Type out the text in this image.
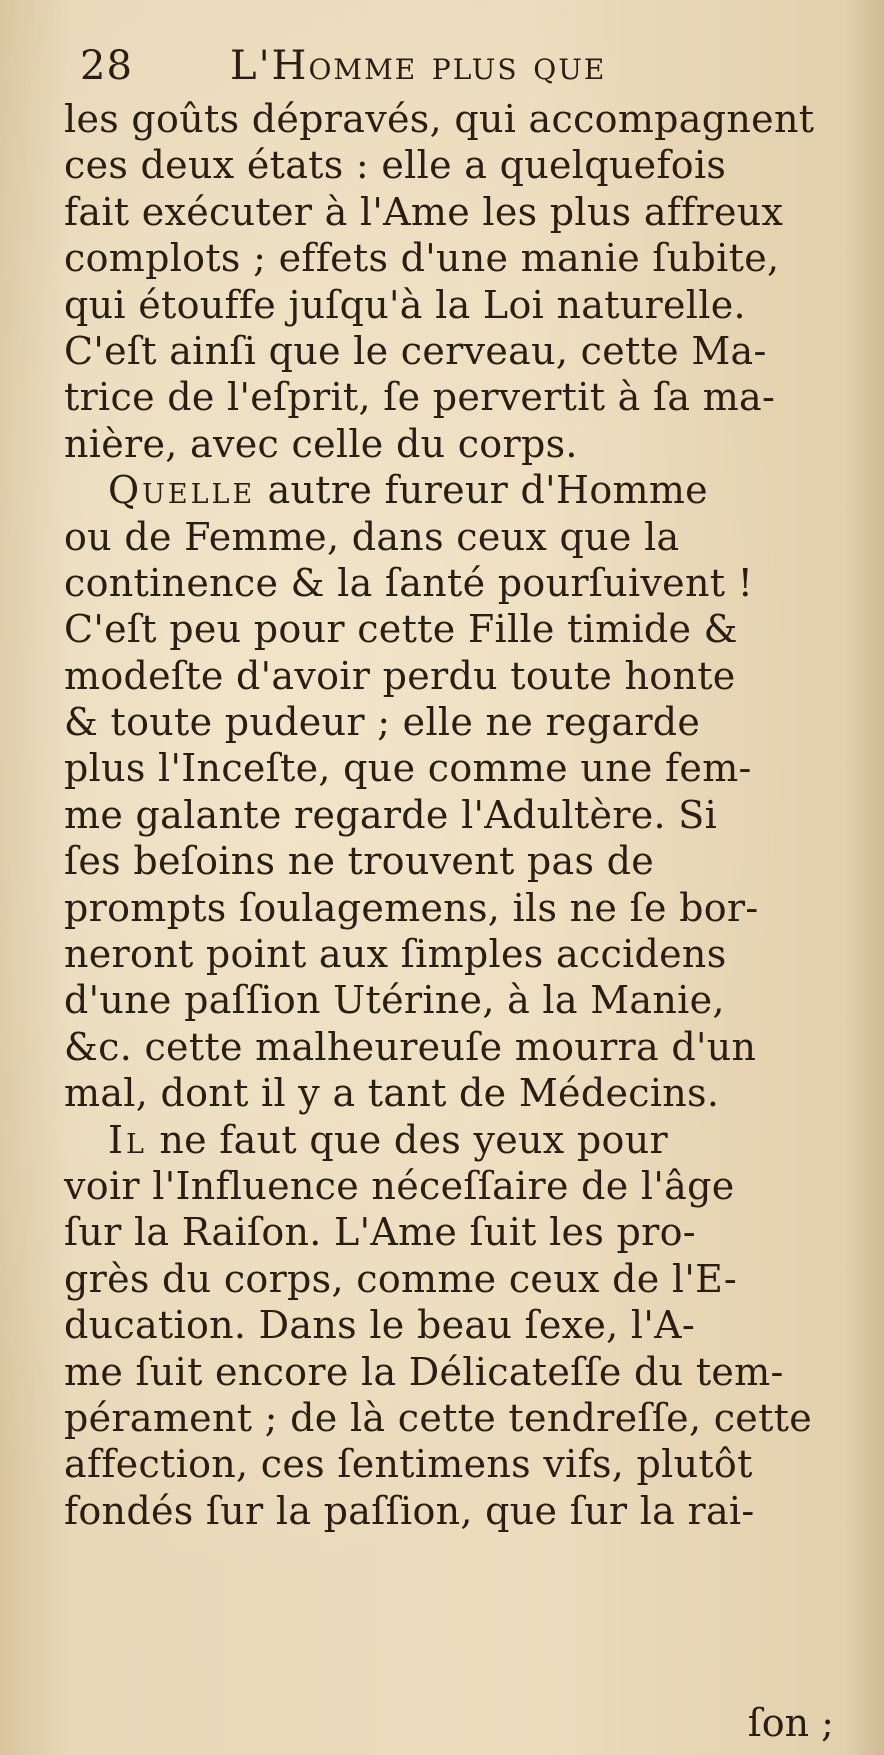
28 L'Homme plus que
les goûts dépravés, qui accompagnent
ces deux états : elle a quelquefois
fait exécuter à l'Ame les plus affreux
complots ; effets d'une manie ſubite,
qui étouffe juſqu'à la Loi naturelle.
C'eſt ainſi que le cerveau, cette Ma-
trice de l'eſprit, ſe pervertit à ſa ma-
nière, avec celle du corps.
Quelle autre fureur d'Homme
ou de Femme, dans ceux que la
continence & la ſanté pourſuivent !
C'eſt peu pour cette Fille timide &
modeſte d'avoir perdu toute honte
& toute pudeur ; elle ne regarde
plus l'Inceſte, que comme une fem-
me galante regarde l'Adultère. Si
ſes beſoins ne trouvent pas de
prompts ſoulagemens, ils ne ſe bor-
neront point aux ſimples accidens
d'une paſſion Utérine, à la Manie,
&c. cette malheureuſe mourra d'un
mal, dont il y a tant de Médecins.
Il ne faut que des yeux pour
voir l'Influence néceſſaire de l'âge
ſur la Raiſon. L'Ame ſuit les pro-
grès du corps, comme ceux de l'E-
ducation. Dans le beau ſexe, l'A-
me ſuit encore la Délicateſſe du tem-
pérament ; de là cette tendreſſe, cette
affection, ces ſentimens vifs, plutôt
fondés ſur la paſſion, que ſur la rai-
ſon ;
